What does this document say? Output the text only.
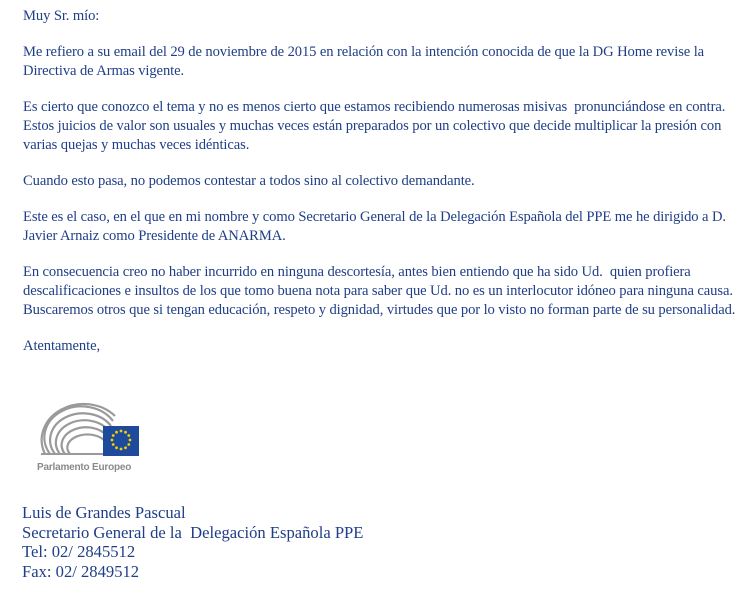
Muy Sr. mío:

Me refiero a su email del 29 de noviembre de 2015 en relación con la intención conocida de que la DG Home revise la Directiva de Armas vigente.

Es cierto que conozco el tema y no es menos cierto que estamos recibiendo numerosas misivas  pronunciándose en contra. Estos juicios de valor son usuales y muchas veces están preparados por un colectivo que decide multiplicar la presión con varias quejas y muchas veces idénticas.

Cuando esto pasa, no podemos contestar a todos sino al colectivo demandante.

Este es el caso, en el que en mi nombre y como Secretario General de la Delegación Española del PPE me he dirigido a D. Javier Arnaiz como Presidente de ANARMA.

En consecuencia creo no haber incurrido en ninguna descortesía, antes bien entiendo que ha sido Ud.  quien profiera descalificaciones e insultos de los que tomo buena nota para saber que Ud. no es un interlocutor idóneo para ninguna causa. Buscaremos otros que si tengan educación, respeto y dignidad, virtudes que por lo visto no forman parte de su personalidad.

Atentamente,

Parlamento Europeo
Luis de Grandes Pascual
Secretario General de la  Delegación Española PPE
Tel: 02/ 2845512
Fax: 02/ 2849512
